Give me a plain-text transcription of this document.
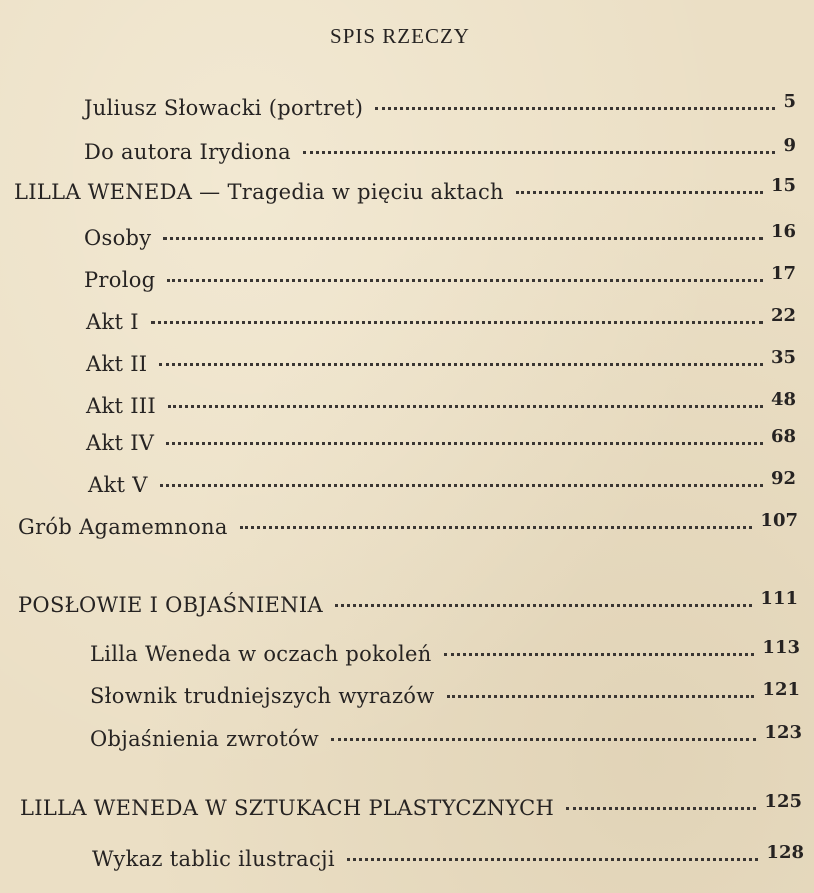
SPIS RZECZY
Juliusz Słowacki (portret)	5
Do autora Irydiona	9
LILLA WENEDA — Tragedia w pięciu aktach	15
Osoby	16
Prolog	17
Akt I	22
Akt II	35
Akt III	48
Akt IV	68
Akt V	92
Grób Agamemnona	107
POSŁOWIE I OBJAŚNIENIA	111
Lilla Weneda w oczach pokoleń	113
Słownik trudniejszych wyrazów	121
Objaśnienia zwrotów	123
LILLA WENEDA W SZTUKACH PLASTYCZNYCH	125
Wykaz tablic ilustracji	128
